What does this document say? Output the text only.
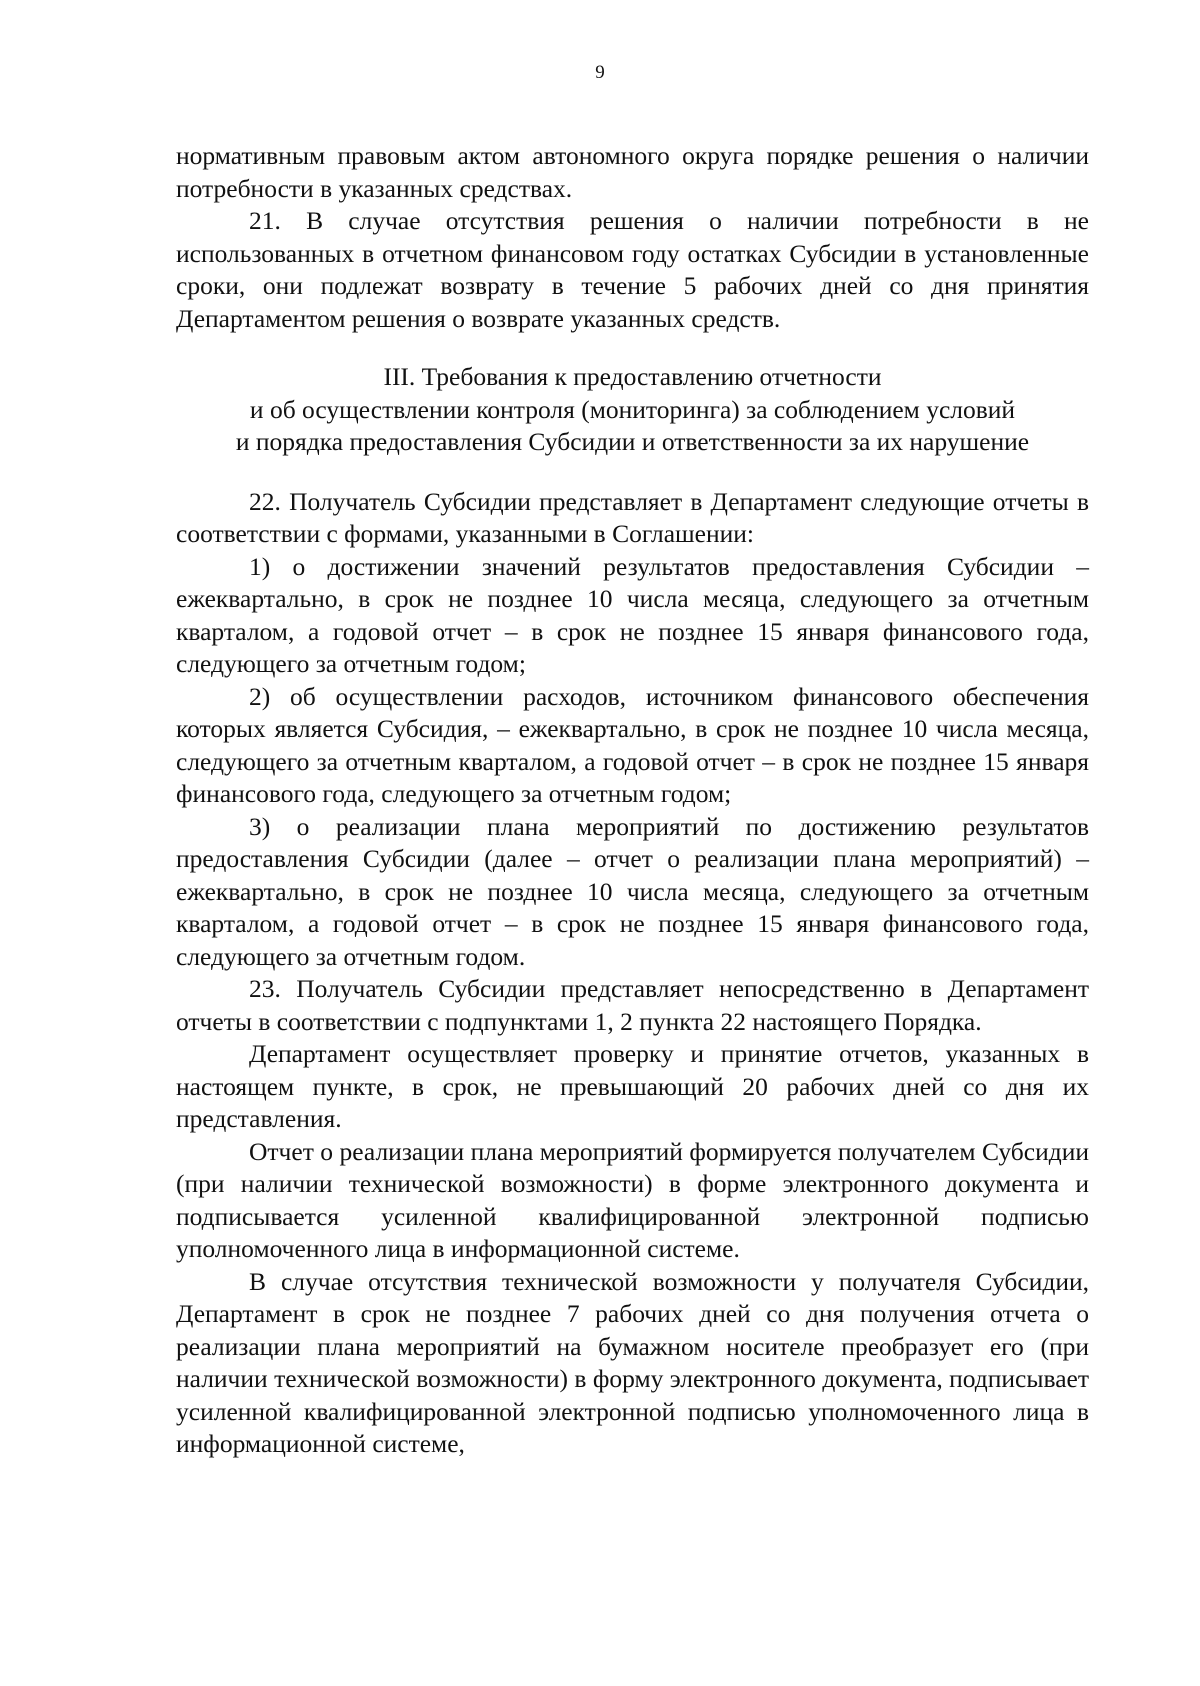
9

нормативным правовым актом автономного округа порядке решения о наличии потребности в указанных средствах.

21. В случае отсутствия решения о наличии потребности в не использованных в отчетном финансовом году остатках Субсидии в установленные сроки, они подлежат возврату в течение 5 рабочих дней со дня принятия Департаментом решения о возврате указанных средств.

III. Требования к предоставлению отчетности
и об осуществлении контроля (мониторинга) за соблюдением условий
и порядка предоставления Субсидии и ответственности за их нарушение

22. Получатель Субсидии представляет в Департамент следующие отчеты в соответствии с формами, указанными в Соглашении:

1) о достижении значений результатов предоставления Субсидии – ежеквартально, в срок не позднее 10 числа месяца, следующего за отчетным кварталом, а годовой отчет – в срок не позднее 15 января финансового года, следующего за отчетным годом;

2) об осуществлении расходов, источником финансового обеспечения которых является Субсидия, – ежеквартально, в срок не позднее 10 числа месяца, следующего за отчетным кварталом, а годовой отчет – в срок не позднее 15 января финансового года, следующего за отчетным годом;

3) о реализации плана мероприятий по достижению результатов предоставления Субсидии (далее – отчет о реализации плана мероприятий) – ежеквартально, в срок не позднее 10 числа месяца, следующего за отчетным кварталом, а годовой отчет – в срок не позднее 15 января финансового года, следующего за отчетным годом.

23. Получатель Субсидии представляет непосредственно в Департамент отчеты в соответствии с подпунктами 1, 2 пункта 22 настоящего Порядка.

Департамент осуществляет проверку и принятие отчетов, указанных в настоящем пункте, в срок, не превышающий 20 рабочих дней со дня их представления.

Отчет о реализации плана мероприятий формируется получателем Субсидии (при наличии технической возможности) в форме электронного документа и подписывается усиленной квалифицированной электронной подписью уполномоченного лица в информационной системе.

В случае отсутствия технической возможности у получателя Субсидии, Департамент в срок не позднее 7 рабочих дней со дня получения отчета о реализации плана мероприятий на бумажном носителе преобразует его (при наличии технической возможности) в форму электронного документа, подписывает усиленной квалифицированной электронной подписью уполномоченного лица в информационной системе,
